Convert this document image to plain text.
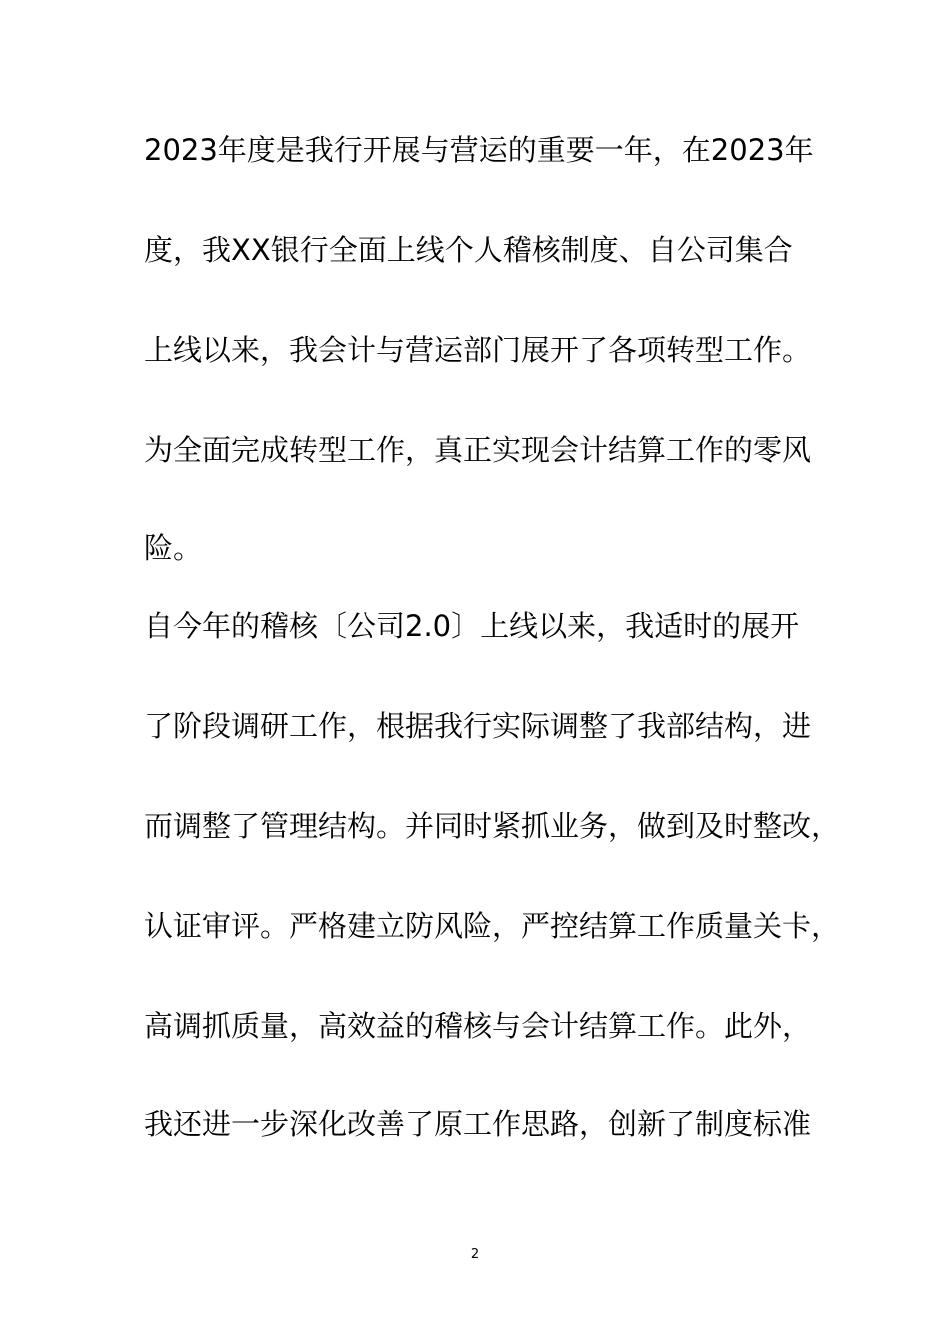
2023年度是我行开展与营运的重要一年，在2023年
度，我XX银行全面上线个人稽核制度、自公司集合
上线以来，我会计与营运部门展开了各项转型工作。
为全面完成转型工作，真正实现会计结算工作的零风
险。
自今年的稽核〔公司2.0〕上线以来，我适时的展开
了阶段调研工作，根据我行实际调整了我部结构，进
而调整了管理结构。并同时紧抓业务，做到及时整改，
认证审评。严格建立防风险，严控结算工作质量关卡，
高调抓质量，高效益的稽核与会计结算工作。此外，
我还进一步深化改善了原工作思路，创新了制度标准
2
